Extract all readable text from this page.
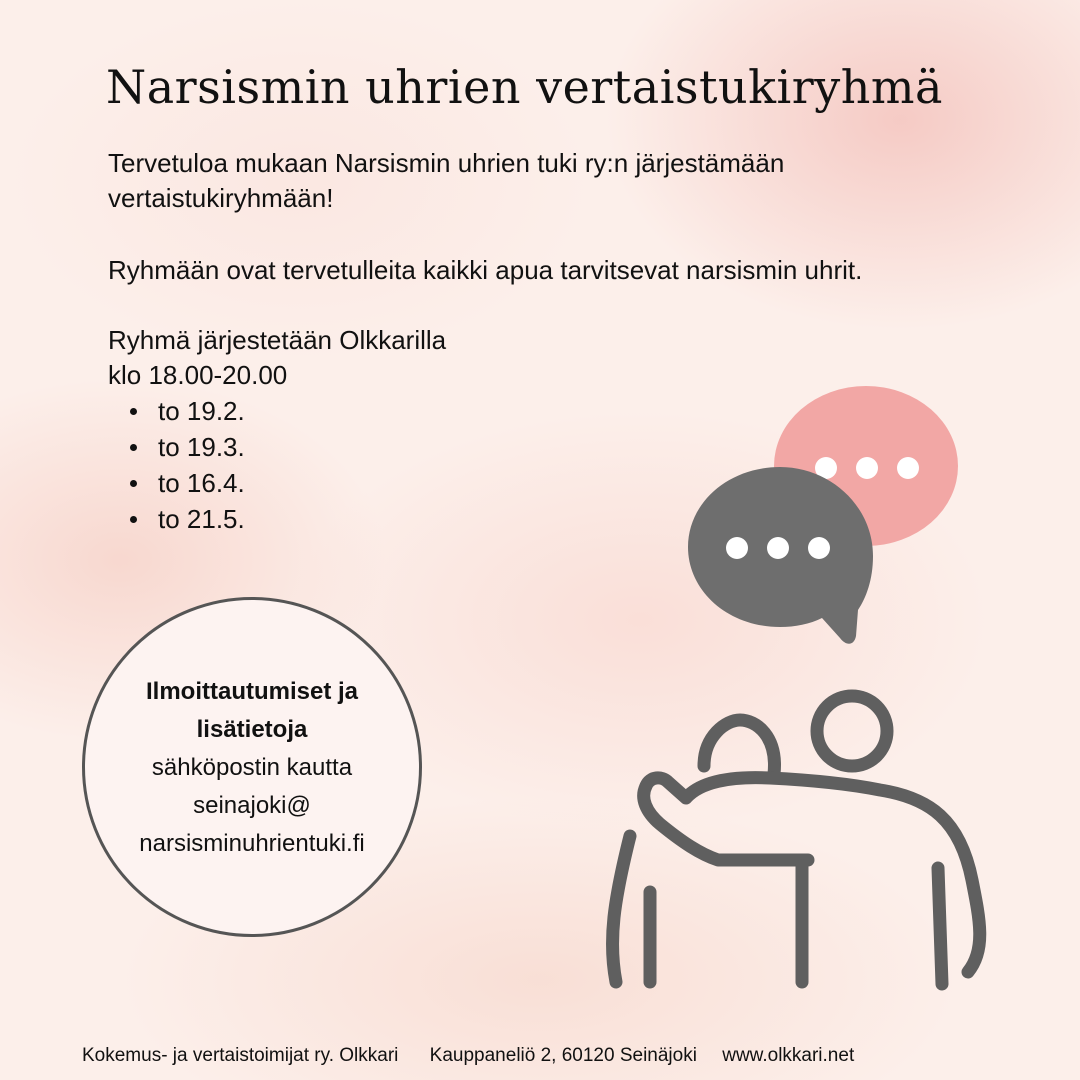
Narsismin uhrien vertaistukiryhmä

Tervetuloa mukaan Narsismin uhrien tuki ry:n järjestämään vertaistukiryhmään!

Ryhmään ovat tervetulleita kaikki apua tarvitsevat narsismin uhrit.

Ryhmä järjestetään Olkkarilla

klo 18.00-20.00

to 19.2.
to 19.3.
to 16.4.
to 21.5.
Ilmoittautumiset ja
lisätietoja
sähköpostin kautta
seinajoki@
narsisminuhrientuki.fi
Kokemus- ja vertaistoimijat ry. Olkkari Kauppaneliö 2, 60120 Seinäjoki www.olkkari.net
